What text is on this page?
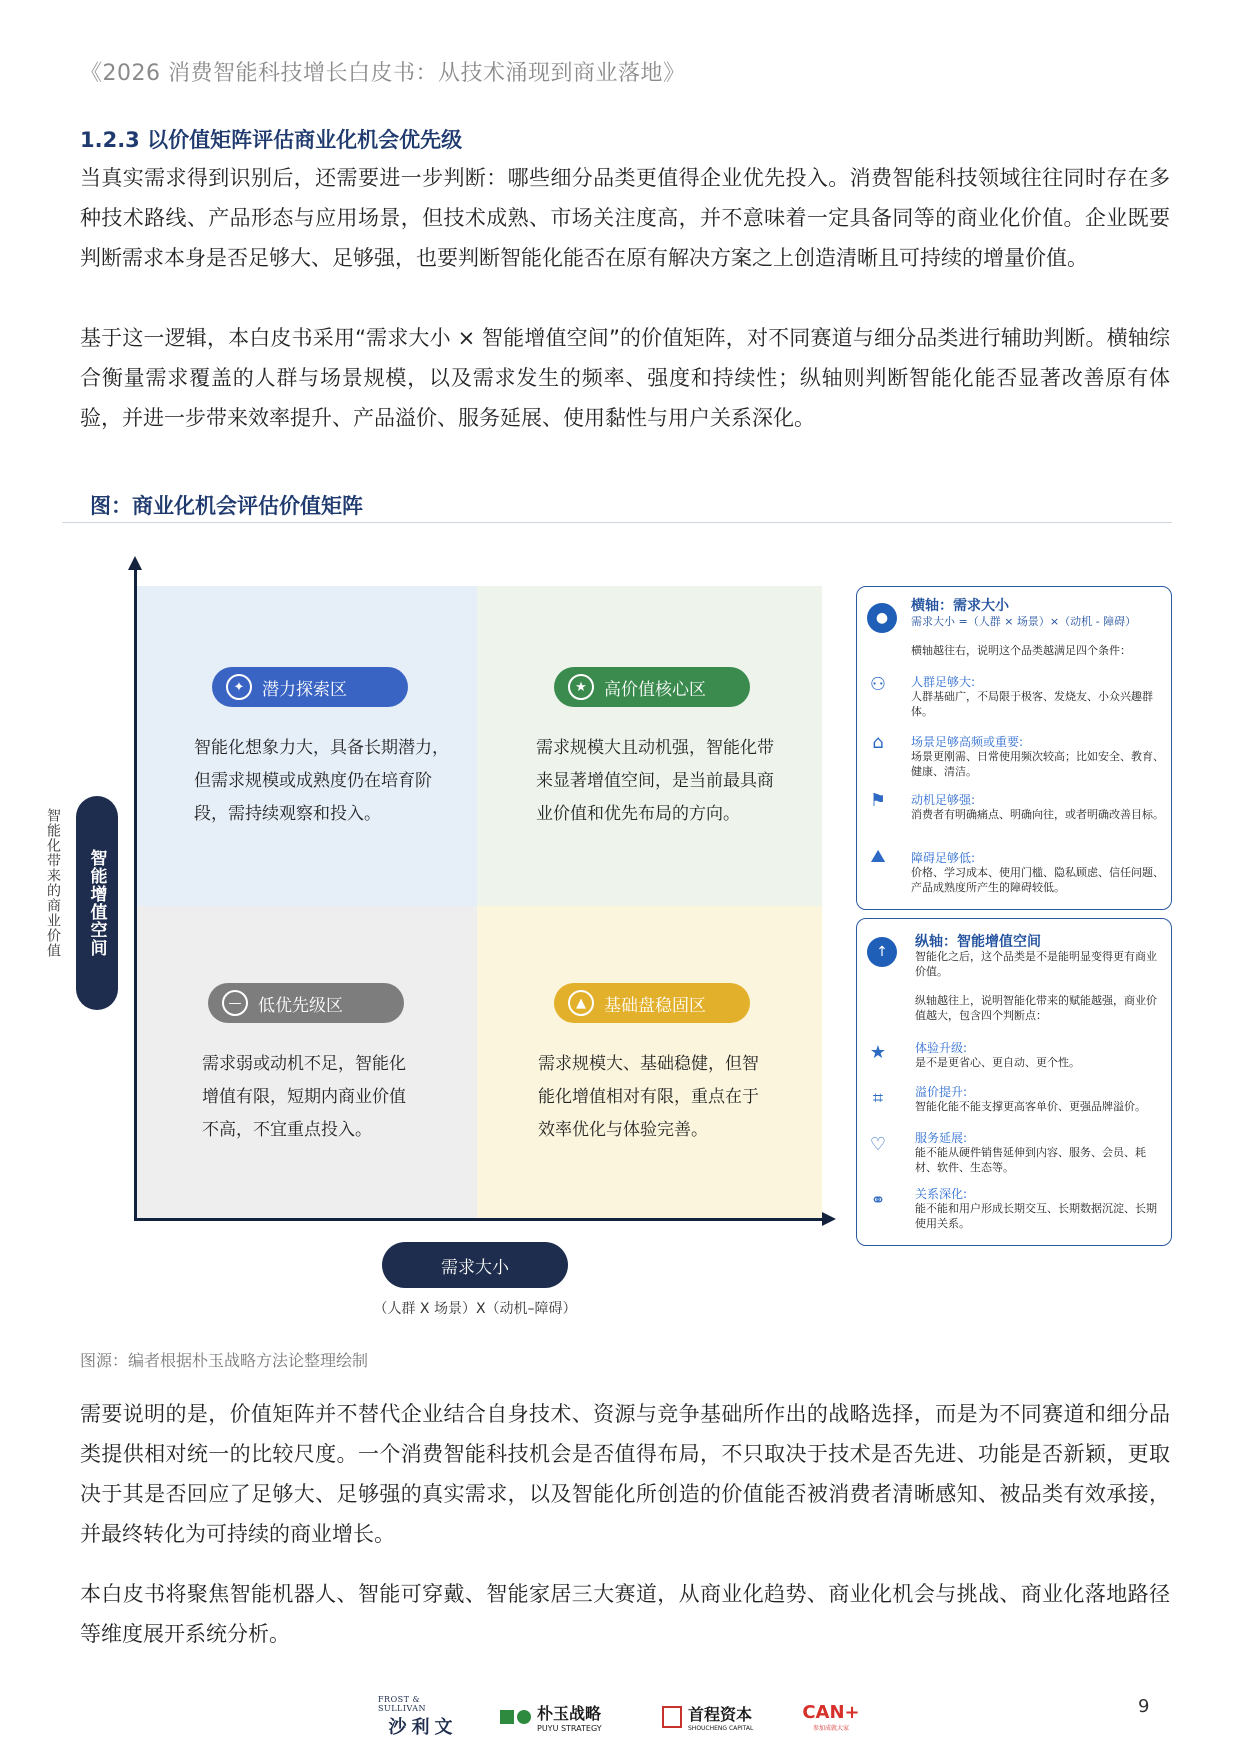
《2026 消费智能科技增长白皮书：从技术涌现到商业落地》
1.2.3 以价值矩阵评估商业化机会优先级
当真实需求得到识别后，还需要进一步判断：哪些细分品类更值得企业优先投入。消费智能科技领域往往同时存在多种技术路线、产品形态与应用场景，但技术成熟、市场关注度高，并不意味着一定具备同等的商业化价值。企业既要判断需求本身是否足够大、足够强，也要判断智能化能否在原有解决方案之上创造清晰且可持续的增量价值。
基于这一逻辑，本白皮书采用“需求大小 × 智能增值空间”的价值矩阵，对不同赛道与细分品类进行辅助判断。横轴综合衡量需求覆盖的人群与场景规模，以及需求发生的频率、强度和持续性；纵轴则判断智能化能否显著改善原有体验，并进一步带来效率提升、产品溢价、服务延展、使用黏性与用户关系深化。
图：商业化机会评估价值矩阵
✦	潜力探索区
智能化想象力大，具备长期潜力，但需求规模或成熟度仍在培育阶段，需持续观察和投入。
★	高价值核心区
需求规模大且动机强，智能化带来显著增值空间，是当前最具商业价值和优先布局的方向。
— 低优先级区
需求弱或动机不足，智能化增值有限，短期内商业价值不高，不宜重点投入。
▲	基础盘稳固区
需求规模大、基础稳健，但智能化增值相对有限，重点在于效率优化与体验完善。
智能增值空间
智能化带来的商业价值
需求大小
（人群 X 场景）X（动机–障碍）
●
横轴：需求大小
需求大小 =（人群 × 场景）×（动机 - 障碍）
横轴越往右，说明这个品类越满足四个条件：
⚇	人群足够大:
人群基础广，不局限于极客、发烧友、小众兴趣群体。
⌂	场景足够高频或重要:
场景更刚需、日常使用频次较高；比如安全、教育、健康、清洁。
⚑	动机足够强:
消费者有明确痛点、明确向往，或者明确改善目标。
⛰	障碍足够低:
价格、学习成本、使用门槛、隐私顾虑、信任问题、产品成熟度所产生的障碍较低。
↑
纵轴：智能增值空间
智能化之后，这个品类是不是能明显变得更有商业价值。
纵轴越往上，说明智能化带来的赋能越强，商业价值越大，包含四个判断点：
★	体验升级:
是不是更省心、更自动、更个性。
⌗	溢价提升:
智能化能不能支撑更高客单价、更强品牌溢价。
♡	服务延展:
能不能从硬件销售延伸到内容、服务、会员、耗材、软件、生态等。
⚭	关系深化:
能不能和用户形成长期交互、长期数据沉淀、长期使用关系。
图源：编者根据朴玉战略方法论整理绘制
需要说明的是，价值矩阵并不替代企业结合自身技术、资源与竞争基础所作出的战略选择，而是为不同赛道和细分品类提供相对统一的比较尺度。一个消费智能科技机会是否值得布局，不只取决于技术是否先进、功能是否新颖，更取决于其是否回应了足够大、足够强的真实需求，以及智能化所创造的价值能否被消费者清晰感知、被品类有效承接，并最终转化为可持续的商业增长。
本白皮书将聚焦智能机器人、智能可穿戴、智能家居三大赛道，从商业化趋势、商业化机会与挑战、商业化落地路径等维度展开系统分析。
FROST & SULLIVAN
沙利文
朴玉战略
PUYU STRATEGY
首程资本
SHOUCHENG CAPITAL
CAN+
参加成就大家
9
